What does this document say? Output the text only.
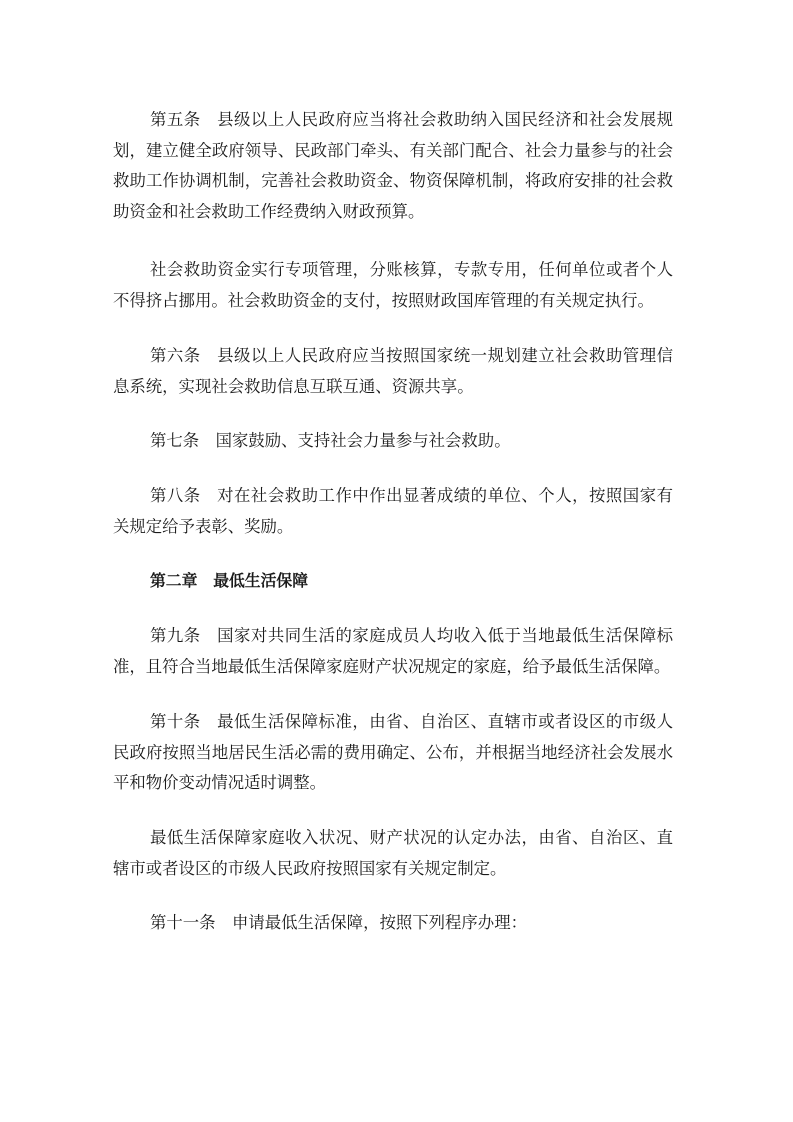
第五条 县级以上人民政府应当将社会救助纳入国民经济和社会发展规划，建立健全政府领导、民政部门牵头、有关部门配合、社会力量参与的社会救助工作协调机制，完善社会救助资金、物资保障机制，将政府安排的社会救助资金和社会救助工作经费纳入财政预算。

社会救助资金实行专项管理，分账核算，专款专用，任何单位或者个人不得挤占挪用。社会救助资金的支付，按照财政国库管理的有关规定执行。

第六条 县级以上人民政府应当按照国家统一规划建立社会救助管理信息系统，实现社会救助信息互联互通、资源共享。

第七条 国家鼓励、支持社会力量参与社会救助。

第八条 对在社会救助工作中作出显著成绩的单位、个人，按照国家有关规定给予表彰、奖励。

第二章 最低生活保障

第九条 国家对共同生活的家庭成员人均收入低于当地最低生活保障标准，且符合当地最低生活保障家庭财产状况规定的家庭，给予最低生活保障。

第十条 最低生活保障标准，由省、自治区、直辖市或者设区的市级人民政府按照当地居民生活必需的费用确定、公布，并根据当地经济社会发展水平和物价变动情况适时调整。

最低生活保障家庭收入状况、财产状况的认定办法，由省、自治区、直辖市或者设区的市级人民政府按照国家有关规定制定。

第十一条 申请最低生活保障，按照下列程序办理：
